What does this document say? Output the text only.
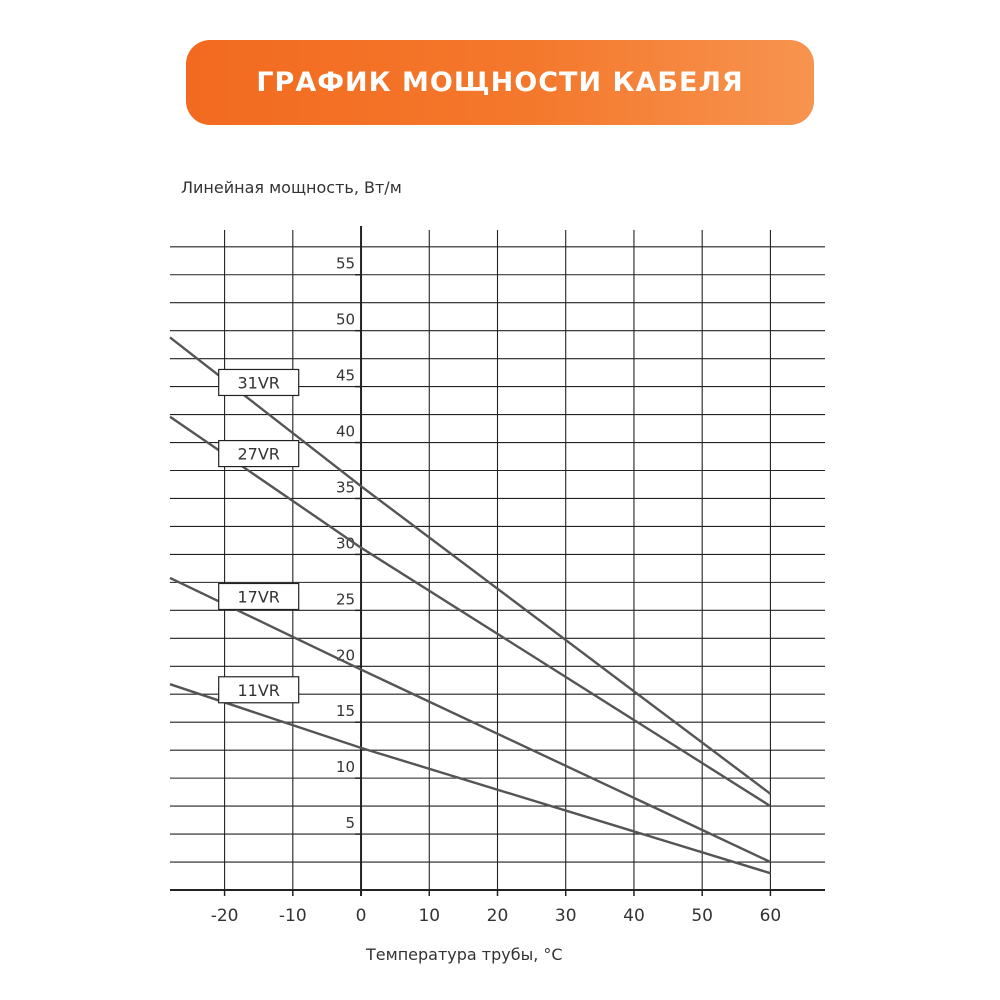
ГРАФИК МОЩНОСТИ КАБЕЛЯ
Линейная мощность, Вт/м
Температура трубы, °C
-20 -10	0	10	20	30	40	50	60
5
10
15
20
25
30
35
40
45
50
55
31VR
27VR
17VR
11VR
